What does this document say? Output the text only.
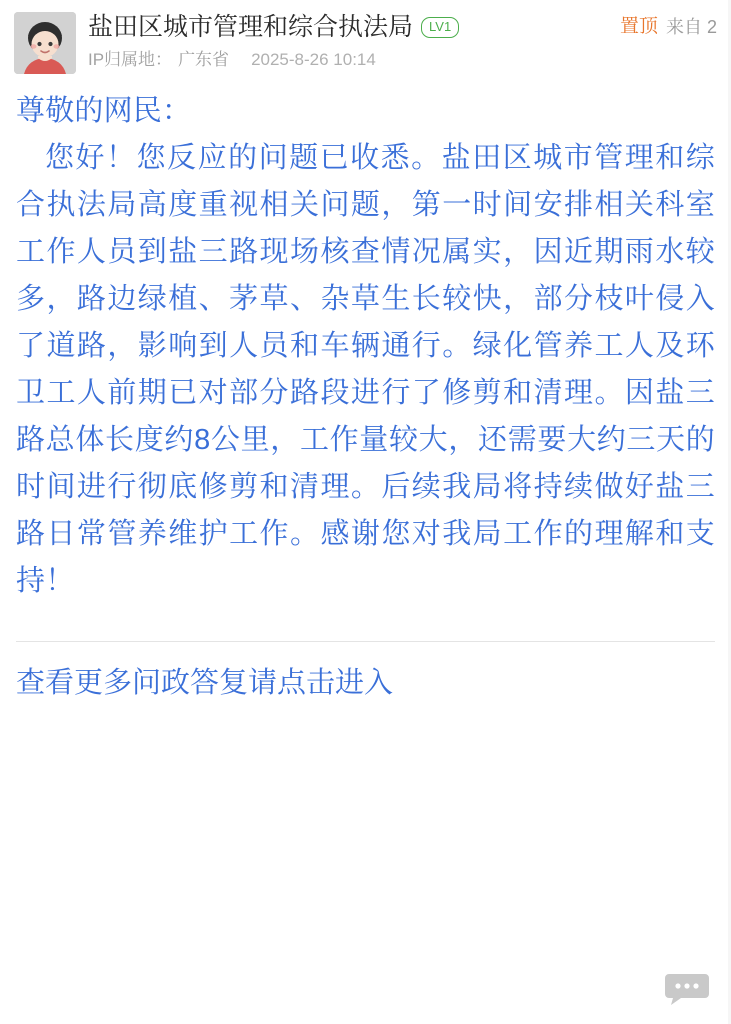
盐田区城市管理和综合执法局	LV1	置顶 来自 2
IP归属地： 广东省 2025-8-26 10:14

尊敬的网民：

您好！您反应的问题已收悉。盐田区城市管理和综合执法局高度重视相关问题，第一时间安排相关科室工作人员到盐三路现场核查情况属实，因近期雨水较多，路边绿植、茅草、杂草生长较快，部分枝叶侵入了道路，影响到人员和车辆通行。绿化管养工人及环卫工人前期已对部分路段进行了修剪和清理。因盐三路总体长度约8公里，工作量较大，还需要大约三天的时间进行彻底修剪和清理。后续我局将持续做好盐三路日常管养维护工作。感谢您对我局工作的理解和支持！

查看更多问政答复请点击进入
